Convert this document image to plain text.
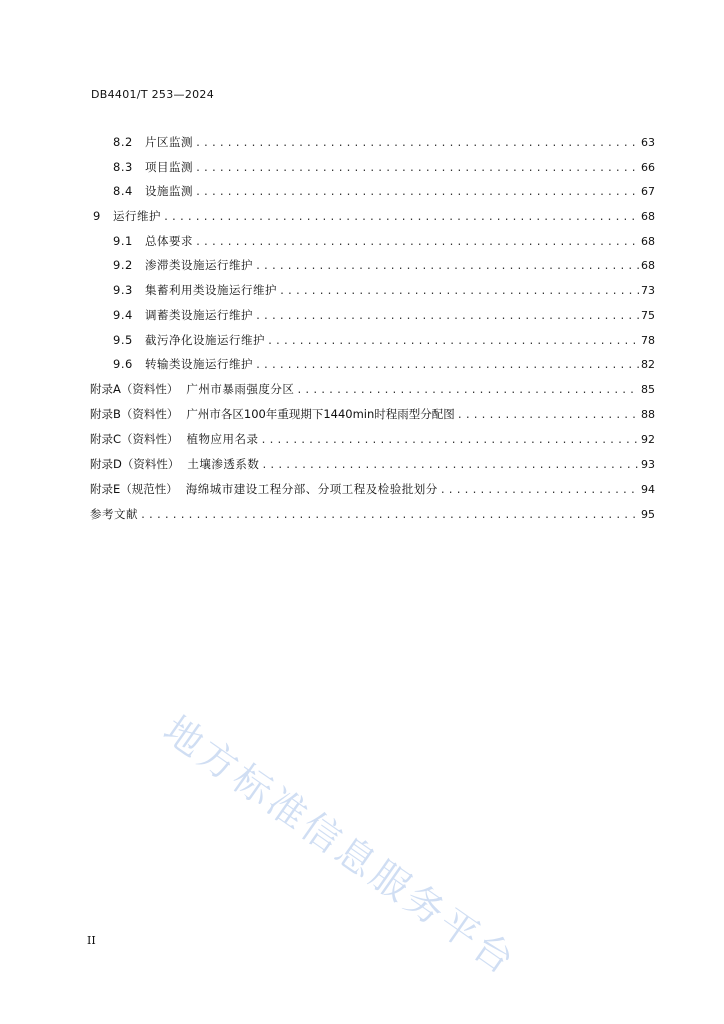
DB4401/T 253—2024
8.2	片区监测 .....	63
8.3	项目监测 .....	66
8.4	设施监测 .....	67
9	运行维护 .....	68
9.1	总体要求 .....	68
9.2	渗滞类设施运行维护 .....	68
9.3	集蓄利用类设施运行维护 .....	73
9.4	调蓄类设施运行维护 .....	75
9.5	截污净化设施运行维护 .....	78
9.6	转输类设施运行维护 .....	82
附录A（资料性） 广州市暴雨强度分区 .....	85
附录B（资料性） 广州市各区100年重现期下1440min时程雨型分配图 .....	88
附录C（资料性） 植物应用名录 .....	92
附录D（资料性） 土壤渗透系数 .....	93
附录E（规范性） 海绵城市建设工程分部、分项工程及检验批划分 .....	94
参考文献 .....	95
地方标准信息服务平台
II
